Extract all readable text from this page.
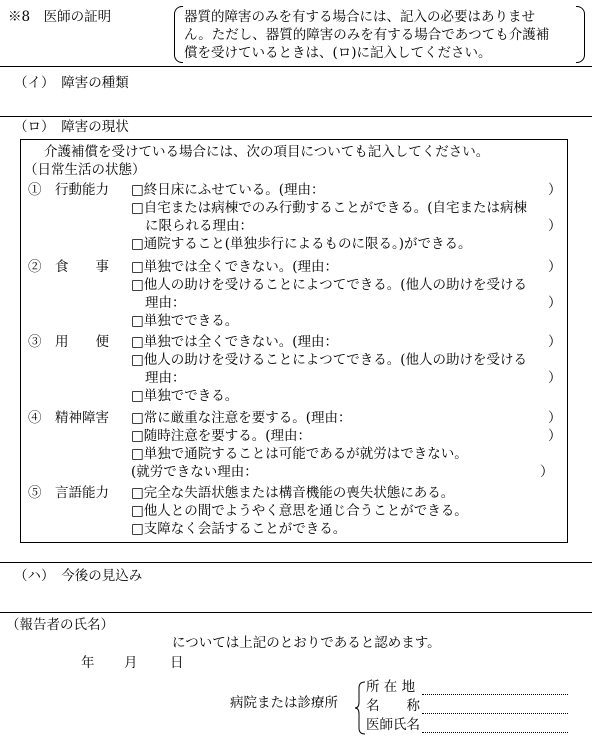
※8　医師の証明	器質的障害のみを有する場合には、記入の必要はありませ
ん。ただし、器質的障害のみを有する場合であつても介護補
償を受けているときは、(ロ)に記入してください。
（イ）　障害の種類
（ロ）　障害の現状
介護補償を受けている場合には、次の項目についても記入してください。
（日常生活の状態）
①　行動能力 □終日床にふせている。(理由：	）
□自宅または病棟でのみ行動することができる。(自宅または病棟
に限られる理由：	）
□通院すること(単独歩行によるものに限る。)ができる。
②　食　　事 □単独では全くできない。(理由：	）
□他人の助けを受けることによつてできる。(他人の助けを受ける
理由：	）
□単独でできる。
③　用　　便 □単独では全くできない。(理由：	）
□他人の助けを受けることによつてできる。(他人の助けを受ける
理由：	）
□単独でできる。
④　精神障害 □常に厳重な注意を要する。(理由：	）
□随時注意を要する。(理由：	）
□単独で通院することは可能であるが就労はできない。
(就労できない理由：	）
⑤　言語能力 □完全な失語状態または構音機能の喪失状態にある。
□他人との間でようやく意思を通じ合うことができる。
□支障なく会話することができる。
（ハ）　今後の見込み
（報告者の氏名）
については上記のとおりであると認めます。
年 月 日
病院または診療所
所 在 地
名　　称
医師氏名
